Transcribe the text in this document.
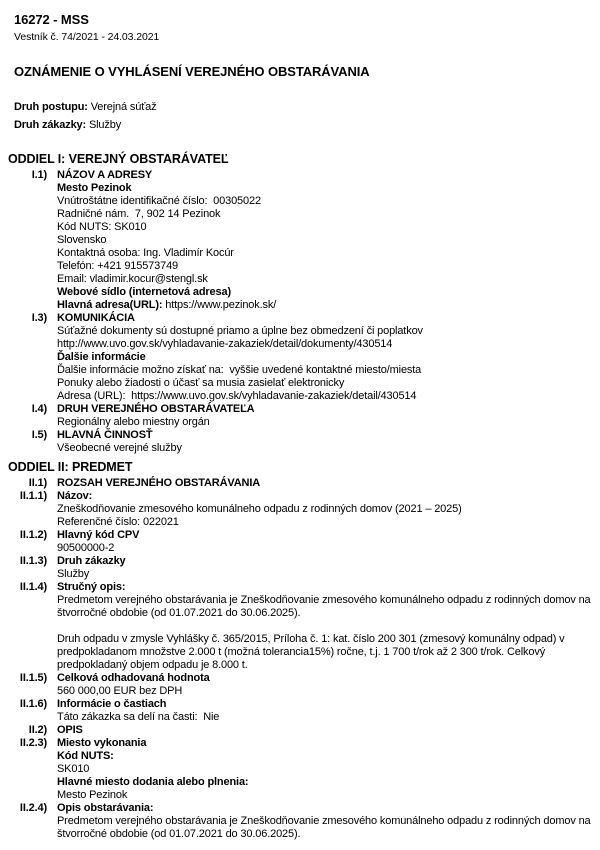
16272 - MSS
Vestník č. 74/2021 - 24.03.2021
OZNÁMENIE O VYHLÁSENÍ VEREJNÉHO OBSTARÁVANIA
Druh postupu: Verejná súťaž
Druh zákazky: Služby
ODDIEL I: VEREJNÝ OBSTARÁVATEĽ
I.1) NÁZOV A ADRESY
Mesto Pezinok
Vnútroštátne identifikačné číslo:  00305022
Radničné nám.  7, 902 14 Pezinok
Kód NUTS: SK010
Slovensko
Kontaktná osoba: Ing. Vladimír Kocúr
Telefón: +421 915573749
Email: vladimir.kocur@stengl.sk
Webové sídlo (internetová adresa)
Hlavná adresa(URL): https://www.pezinok.sk/
I.3) KOMUNIKÁCIA
Súťažné dokumenty sú dostupné priamo a úplne bez obmedzení či poplatkov
http://www.uvo.gov.sk/vyhladavanie-zakaziek/detail/dokumenty/430514
Ďalšie informácie
Ďalšie informácie možno získať na:  vyššie uvedené kontaktné miesto/miesta
Ponuky alebo žiadosti o účasť sa musia zasielať elektronicky
Adresa (URL):  https://www.uvo.gov.sk/vyhladavanie-zakaziek/detail/430514
I.4) DRUH VEREJNÉHO OBSTARÁVATEĽA
Regionálny alebo miestny orgán
I.5) HLAVNÁ ČINNOSŤ
Všeobecné verejné služby
ODDIEL II: PREDMET
II.1) ROZSAH VEREJNÉHO OBSTARÁVANIA
II.1.1) Názov:
Zneškodňovanie zmesového komunálneho odpadu z rodinných domov (2021 – 2025)
Referenčné číslo: 022021
II.1.2) Hlavný kód CPV
90500000-2
II.1.3) Druh zákazky
Služby
II.1.4) Stručný opis:
Predmetom verejného obstarávania je Zneškodňovanie zmesového komunálneho odpadu z rodinných domov na štvorročné obdobie (od 01.07.2021 do 30.06.2025).
Druh odpadu v zmysle Vyhlášky č. 365/2015, Príloha č. 1: kat. číslo 200 301 (zmesový komunálny odpad) v predpokladanom množstve 2.000 t (možná tolerancia15%) ročne, t.j. 1 700 t/rok až 2 300 t/rok. Celkový predpokladaný objem odpadu je 8.000 t.
II.1.5) Celková odhadovaná hodnota
560 000,00 EUR bez DPH
II.1.6) Informácie o častiach
Táto zákazka sa delí na časti:  Nie
II.2) OPIS
II.2.3) Miesto vykonania
Kód NUTS:
SK010
Hlavné miesto dodania alebo plnenia:
Mesto Pezinok
II.2.4) Opis obstarávania:
Predmetom verejného obstarávania je Zneškodňovanie zmesového komunálneho odpadu z rodinných domov na štvorročné obdobie (od 01.07.2021 do 30.06.2025).
